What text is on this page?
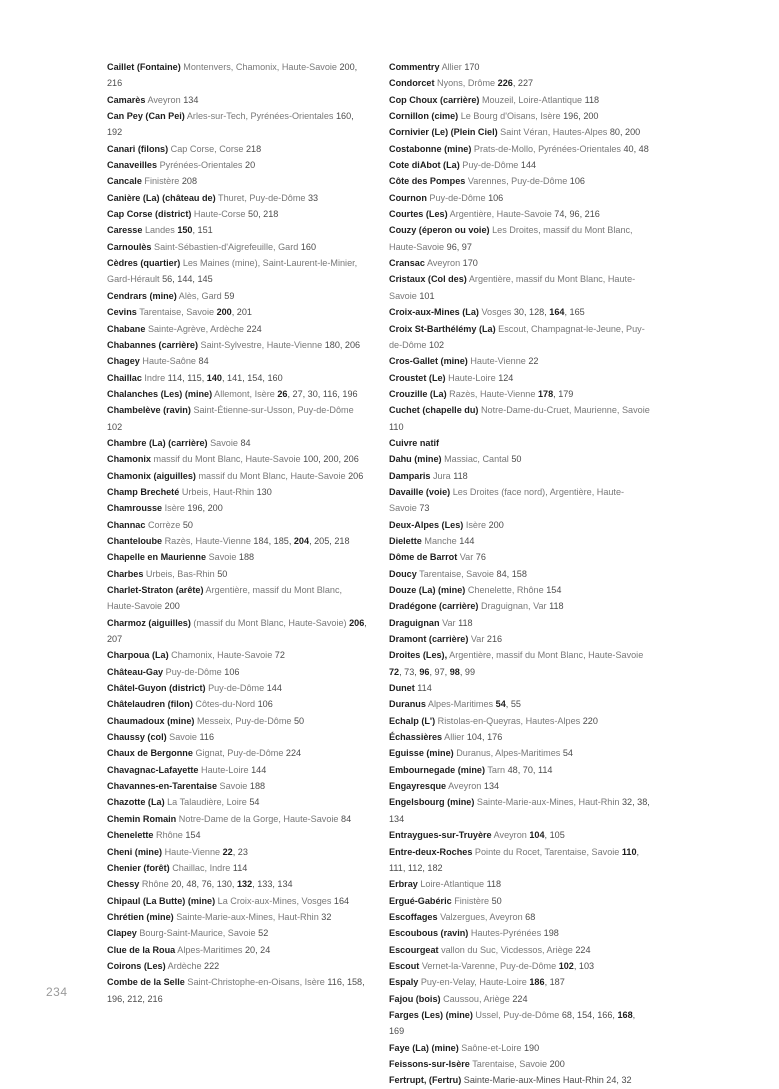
Caillet (Fontaine) Montenvers, Chamonix, Haute-Savoie 200, 216

Camarès Aveyron 134

Can Pey (Can Pei) Arles-sur-Tech, Pyrénées-Orientales 160, 192

Canari (filons) Cap Corse, Corse 218

Canaveilles Pyrénées-Orientales 20

Cancale Finistère 208

Canière (La) (château de) Thuret, Puy-de-Dôme 33

Cap Corse (district) Haute-Corse 50, 218

Caresse Landes 150, 151

Carnoulès Saint-Sébastien-d'Aigrefeuille, Gard 160

Cèdres (quartier) Les Maines (mine), Saint-Laurent-le-Minier, Gard-Hérault 56, 144, 145

Cendrars (mine) Alès, Gard 59

Cevins Tarentaise, Savoie 200, 201

Chabane Sainte-Agrève, Ardèche 224

Chabannes (carrière) Saint-Sylvestre, Haute-Vienne 180, 206

Chagey Haute-Saône 84

Chaillac Indre 114, 115, 140, 141, 154, 160

Chalanches (Les) (mine) Allemont, Isère 26, 27, 30, 116, 196

Chambelève (ravin) Saint-Étienne-sur-Usson, Puy-de-Dôme 102

Chambre (La) (carrière) Savoie 84

Chamonix massif du Mont Blanc, Haute-Savoie 100, 200, 206

Chamonix (aiguilles) massif du Mont Blanc, Haute-Savoie 206

Champ Brecheté Urbeis, Haut-Rhin 130

Chamrousse Isère 196, 200

Channac Corrèze 50

Chanteloube Razès, Haute-Vienne 184, 185, 204, 205, 218

Chapelle en Maurienne Savoie 188

Charbes Urbeis, Bas-Rhin 50

Charlet-Straton (arête) Argentière, massif du Mont Blanc, Haute-Savoie 200

Charmoz (aiguilles) (massif du Mont Blanc, Haute-Savoie) 206, 207

Charpoua (La) Chamonix, Haute-Savoie 72

Château-Gay Puy-de-Dôme 106

Châtel-Guyon (district) Puy-de-Dôme 144

Châtelaudren (filon) Côtes-du-Nord 106

Chaumadoux (mine) Messeix, Puy-de-Dôme 50

Chaussy (col) Savoie 116

Chaux de Bergonne Gignat, Puy-de-Dôme 224

Chavagnac-Lafayette Haute-Loire 144

Chavannes-en-Tarentaise Savoie 188

Chazotte (La) La Talaudière, Loire 54

Chemin Romain Notre-Dame de la Gorge, Haute-Savoie 84

Chenelette Rhône 154

Cheni (mine) Haute-Vienne 22, 23

Chenier (forêt) Chaillac, Indre 114

Chessy Rhône 20, 48, 76, 130, 132, 133, 134

Chipaul (La Butte) (mine) La Croix-aux-Mines, Vosges 164

Chrétien (mine) Sainte-Marie-aux-Mines, Haut-Rhin 32

Clapey Bourg-Saint-Maurice, Savoie 52

Clue de la Roua Alpes-Maritimes 20, 24

Coirons (Les) Ardèche 222

Combe de la Selle Saint-Christophe-en-Oisans, Isère 116, 158, 196, 212, 216

Commentry Allier 170

Condorcet Nyons, Drôme 226, 227

Cop Choux (carrière) Mouzeil, Loire-Atlantique 118

Cornillon (cime) Le Bourg d'Oisans, Isère 196, 200

Cornivier (Le) (Plein Ciel) Saint Véran, Hautes-Alpes 80, 200

Costabonne (mine) Prats-de-Mollo, Pyrénées-Orientales 40, 48

Cote diAbot (La) Puy-de-Dôme 144

Côte des Pompes Varennes, Puy-de-Dôme 106

Cournon Puy-de-Dôme 106

Courtes (Les) Argentière, Haute-Savoie 74, 96, 216

Couzy (éperon ou voie) Les Droites, massif du Mont Blanc, Haute-Savoie 96, 97

Cransac Aveyron 170

Cristaux (Col des) Argentière, massif du Mont Blanc, Haute-Savoie 101

Croix-aux-Mines (La) Vosges 30, 128, 164, 165

Croix St-Barthélémy (La) Escout, Champagnat-le-Jeune, Puy-de-Dôme 102

Cros-Gallet (mine) Haute-Vienne 22

Croustet (Le) Haute-Loire 124

Crouzille (La) Razès, Haute-Vienne 178, 179

Cuchet (chapelle du) Notre-Dame-du-Cruet, Maurienne, Savoie 110

Cuivre natif

Dahu (mine) Massiac, Cantal 50

Damparis Jura 118

Davaille (voie) Les Droites (face nord), Argentière, Haute-Savoie 73

Deux-Alpes (Les) Isère 200

Dielette Manche 144

Dôme de Barrot Var 76

Doucy Tarentaise, Savoie 84, 158

Douze (La) (mine) Chenelette, Rhône 154

Dradégone (carrière) Draguignan, Var 118

Draguignan Var 118

Dramont (carrière) Var 216

Droites (Les), Argentière, massif du Mont Blanc, Haute-Savoie 72, 73, 96, 97, 98, 99

Dunet 114

Duranus Alpes-Maritimes 54, 55

Echalp (L') Ristolas-en-Queyras, Hautes-Alpes 220

Échassières Allier 104, 176

Eguisse (mine) Duranus, Alpes-Maritimes 54

Embournegade (mine) Tarn 48, 70, 114

Engayresque Aveyron 134

Engelsbourg (mine) Sainte-Marie-aux-Mines, Haut-Rhin 32, 38, 134

Entraygues-sur-Truyère Aveyron 104, 105

Entre-deux-Roches Pointe du Rocet, Tarentaise, Savoie 110, 111, 112, 182

Erbray Loire-Atlantique 118

Ergué-Gabéric Finistère 50

Escoffages Valzergues, Aveyron 68

Escoubous (ravin) Hautes-Pyrénées 198

Escourgeat vallon du Suc, Vicdessos, Ariège 224

Escout Vernet-la-Varenne, Puy-de-Dôme 102, 103

Espaly Puy-en-Velay, Haute-Loire 186, 187

Fajou (bois) Caussou, Ariège 224

Farges (Les) (mine) Ussel, Puy-de-Dôme 68, 154, 166, 168, 169

Faye (La) (mine) Saône-et-Loire 190

Feissons-sur-Isère Tarentaise, Savoie 200

Fertrupt, (Fertru) Sainte-Marie-aux-Mines Haut-Rhin 24, 32

234
